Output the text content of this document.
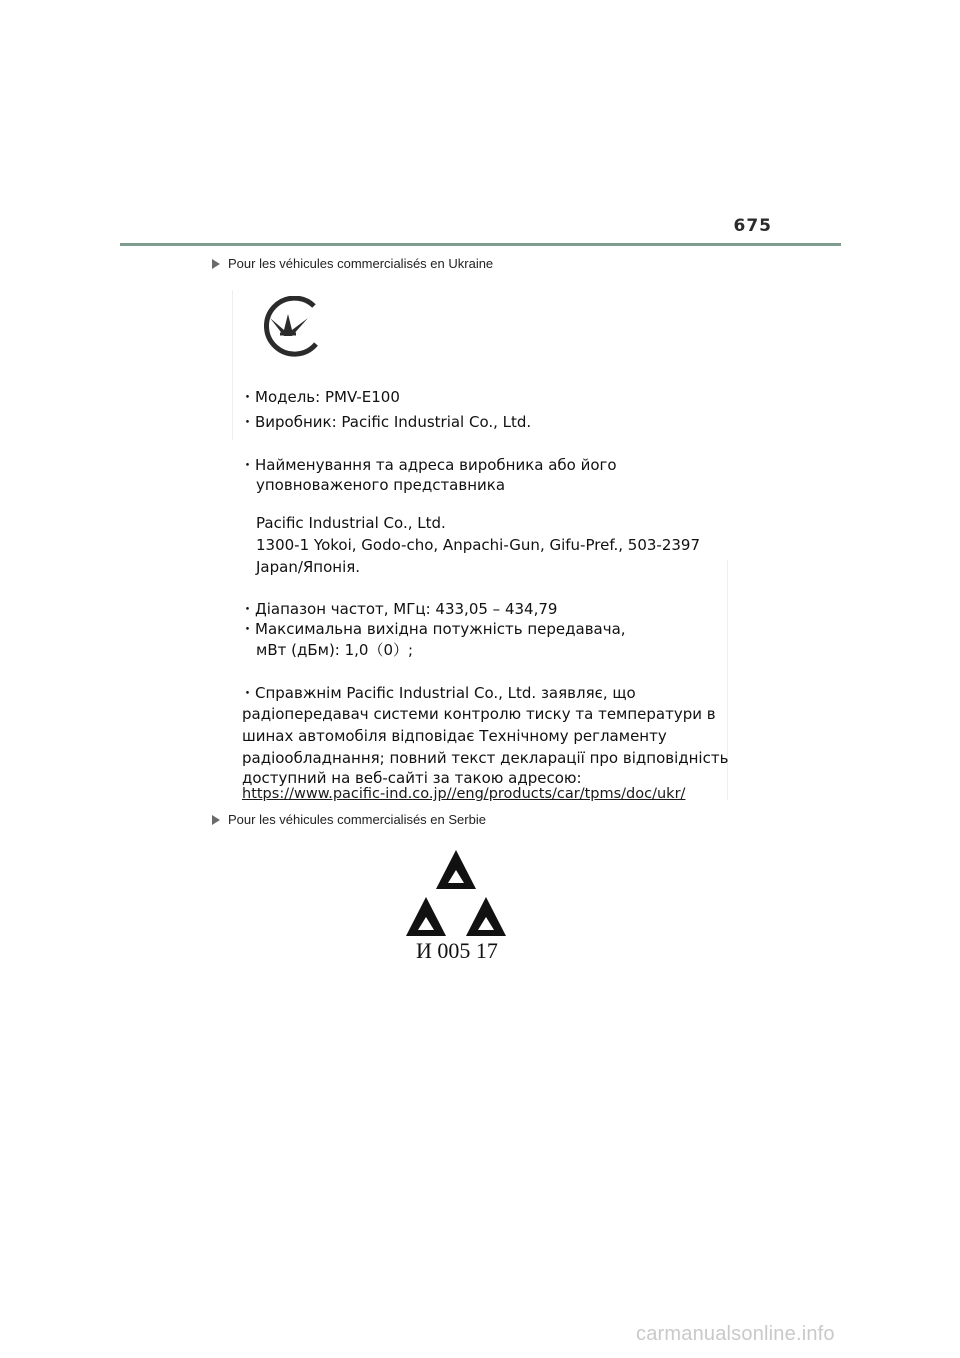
675
Pour les véhicules commercialisés en Ukraine
・Модель: PMV-E100
・Виробник: Pacific Industrial Co., Ltd.
・Найменування та адреса виробника або його
уповноваженого представника
Pacific Industrial Co., Ltd.
1300-1 Yokoi, Godo-cho, Anpachi-Gun, Gifu-Pref., 503-2397
Japan/Японія.
・Діапазон частот, МГц: 433,05 – 434,79
・Максимальна вихідна потужність передавача,
мВт (дБм): 1,0（0）;
・Справжнім Pacific Industrial Co., Ltd. заявляє, що
радіопередавач системи контролю тиску та температури в
шинах автомобіля відповідає Технічному регламенту
радіообладнання; повний текст декларації про відповідність
доступний на веб-сайті за такою адресою:
https://www.pacific-ind.co.jp//eng/products/car/tpms/doc/ukr/
Pour les véhicules commercialisés en Serbie
И 005 17
carmanualsonline.info
